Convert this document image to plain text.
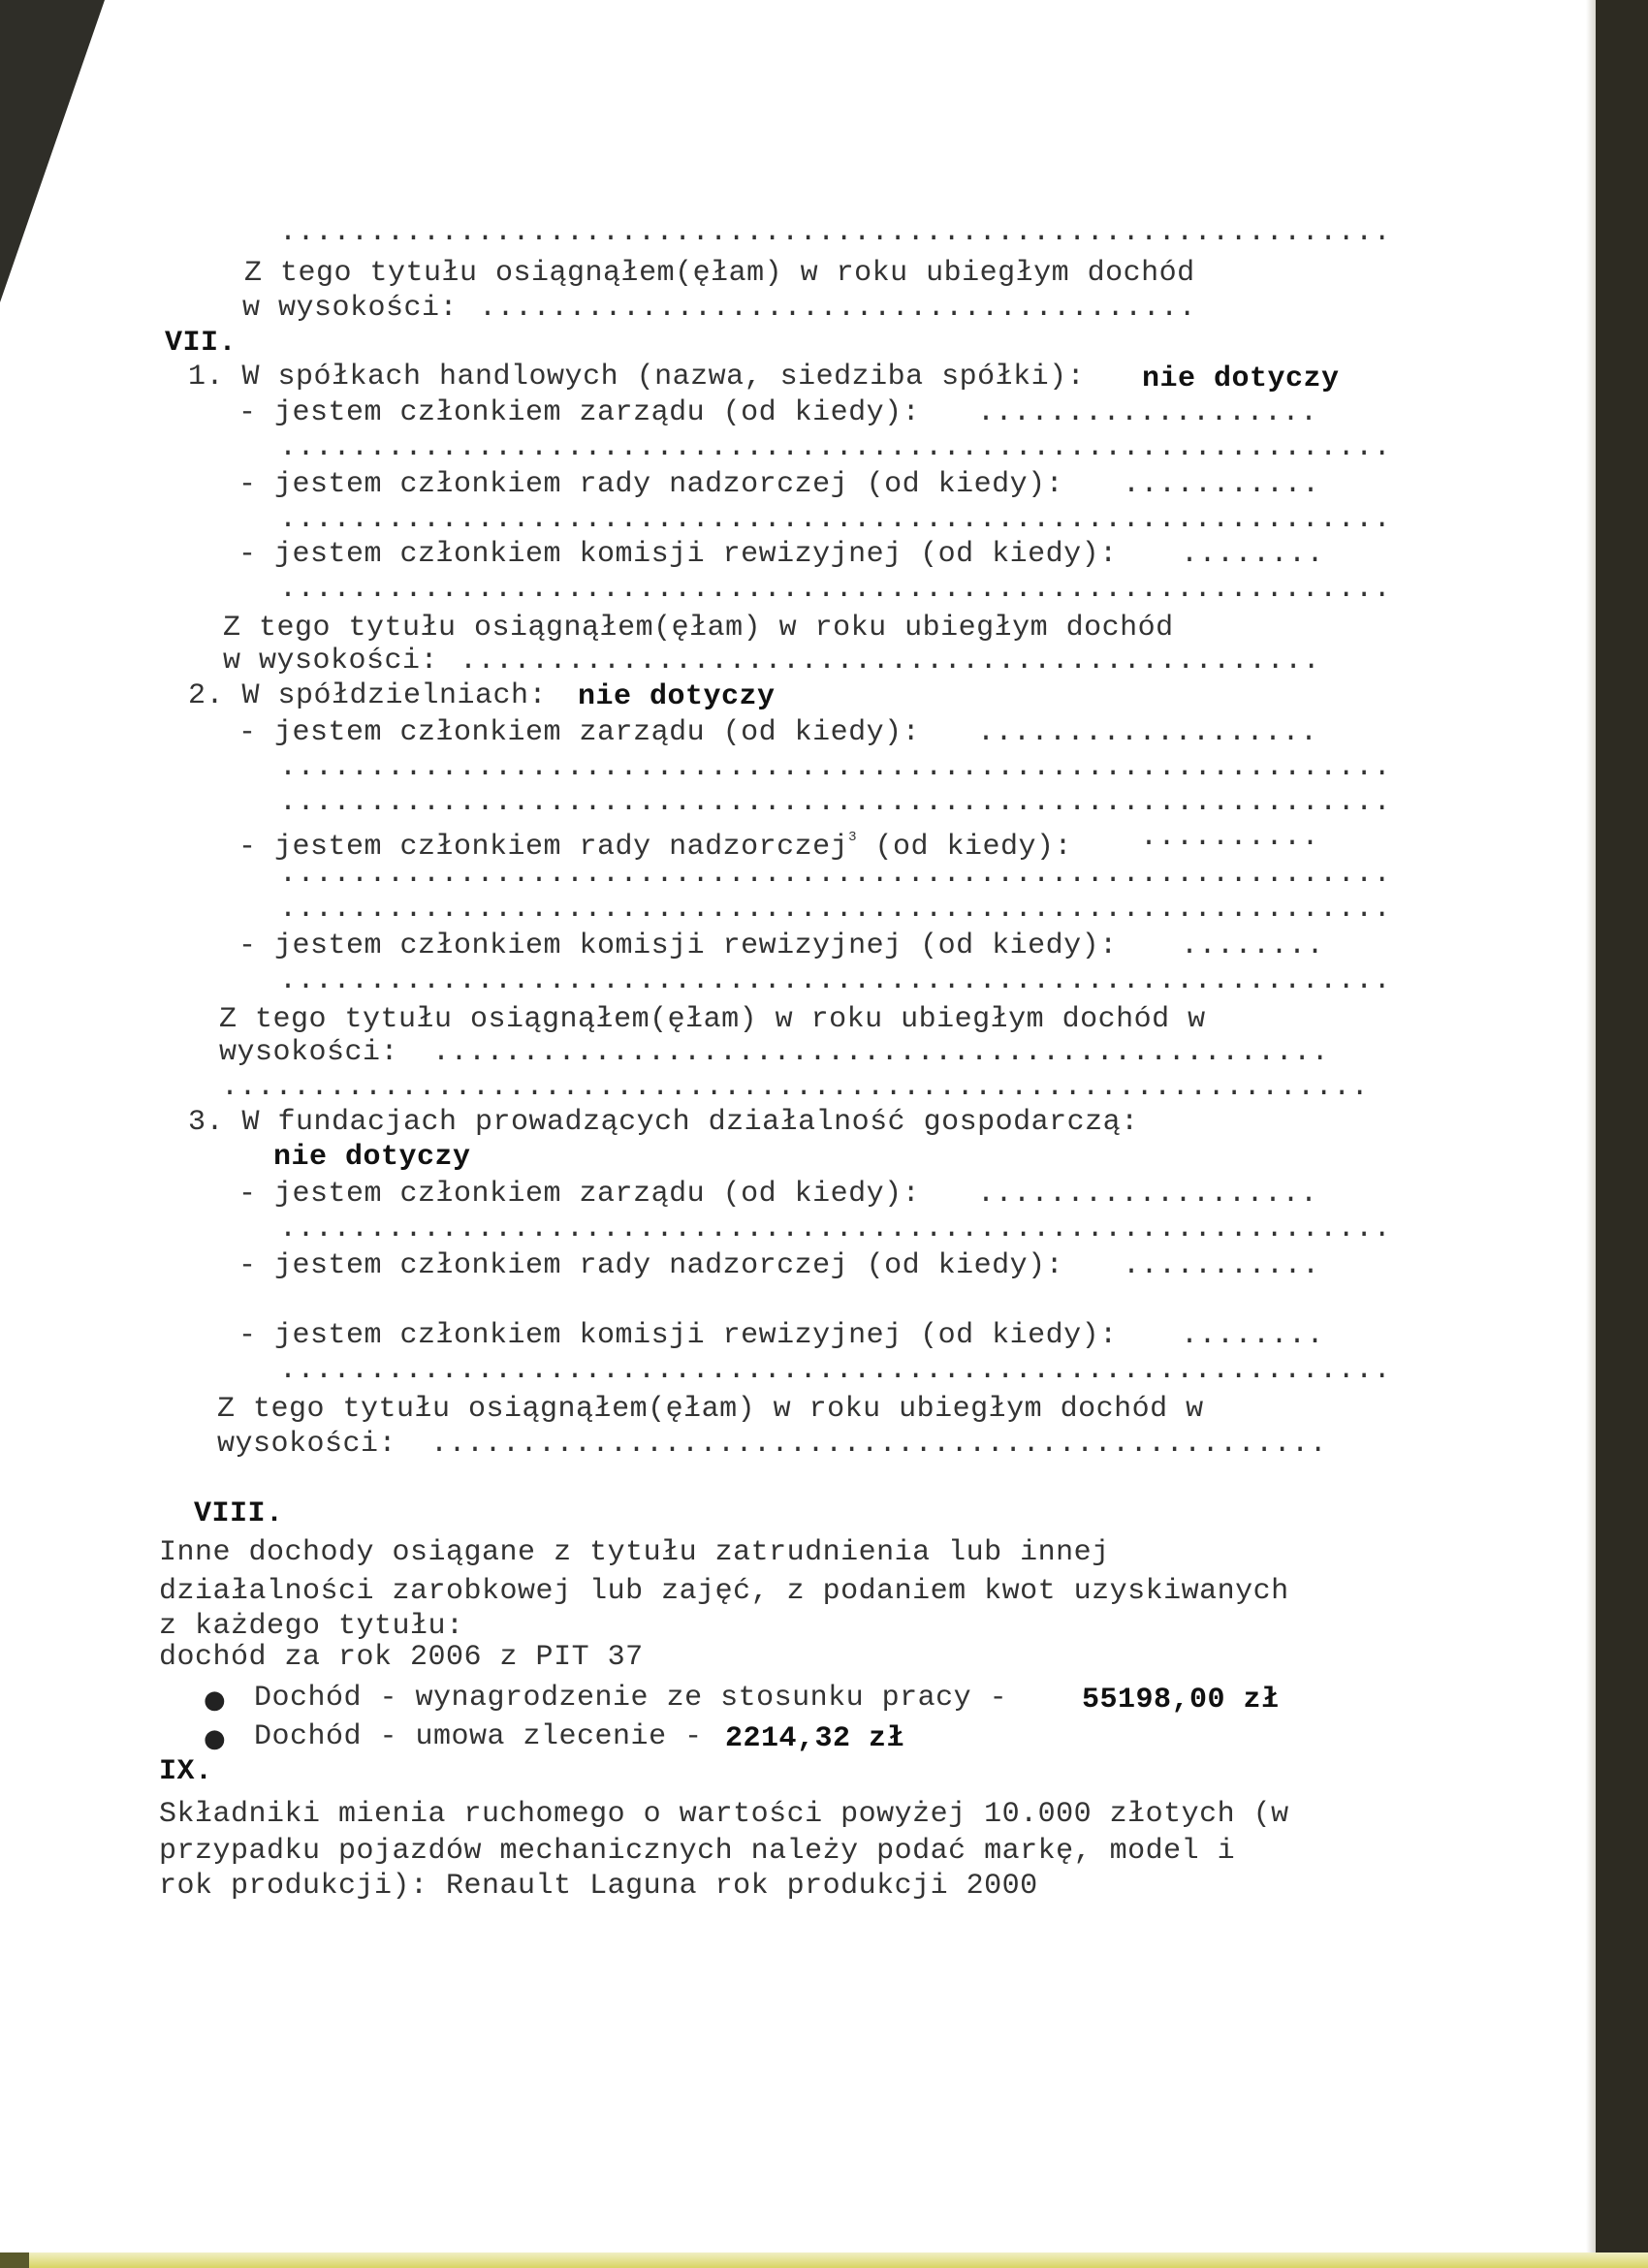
..............................................................
Z tego tytułu osiągnąłem(ęłam) w roku ubiegłym dochód
w wysokości: ........................................
VII.
1. W spółkach handlowych (nazwa, siedziba spółki): nie dotyczy
- jestem członkiem zarządu (od kiedy): ...................
..............................................................
- jestem członkiem rady nadzorczej (od kiedy): ...........
..............................................................
- jestem członkiem komisji rewizyjnej (od kiedy): ........
..............................................................
Z tego tytułu osiągnąłem(ęłam) w roku ubiegłym dochód
w wysokości: ................................................
2. W spółdzielniach: nie dotyczy
- jestem członkiem zarządu (od kiedy): ...................
..............................................................
..............................................................
- jestem członkiem rady nadzorczej$^3$ (od kiedy): ..........
..............................................................
..............................................................
- jestem członkiem komisji rewizyjnej (od kiedy): ........
..............................................................
Z tego tytułu osiągnąłem(ęłam) w roku ubiegłym dochód w
wysokości: ..................................................
................................................................
3. W fundacjach prowadzących działalność gospodarczą:
nie dotyczy
- jestem członkiem zarządu (od kiedy): ...................
..............................................................
- jestem członkiem rady nadzorczej (od kiedy): ...........
- jestem członkiem komisji rewizyjnej (od kiedy): ........
..............................................................
Z tego tytułu osiągnąłem(ęłam) w roku ubiegłym dochód w
wysokości: ..................................................
VIII.
Inne dochody osiągane z tytułu zatrudnienia lub innej
działalności zarobkowej lub zajęć, z podaniem kwot uzyskiwanych
z każdego tytułu:
dochód za rok 2006 z PIT 37
● Dochód - wynagrodzenie ze stosunku pracy -	55198,00 zł
● Dochód - umowa zlecenie - 2214,32 zł
IX.
Składniki mienia ruchomego o wartości powyżej 10.000 złotych (w
przypadku pojazdów mechanicznych należy podać markę, model i
rok produkcji): Renault Laguna rok produkcji 2000
